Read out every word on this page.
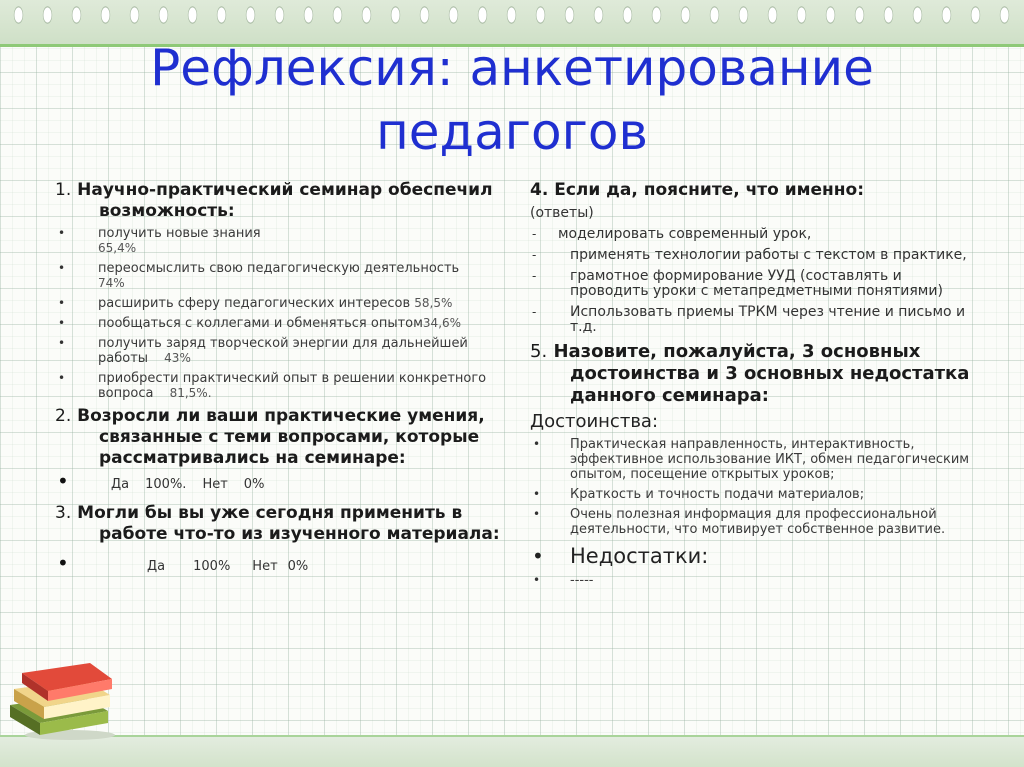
Рефлексия: анкетирование педагогов
1. Научно-практический семинар обеспечил возможность:
•	получить новые знания
65,4%
•	переосмыслить свою педагогическую деятельность
74%
•	расширить сферу педагогических интересов 58,5%
•	пообщаться с коллегами и обменяться опытом34,6%
•	получить заряд творческой энергии для дальнейшей работы 43%
•	приобрести практический опыт в решении конкретного вопроса 81,5%.
2. Возросли ли ваши практические умения, связанные с теми вопросами, которые рассматривались на семинаре:
•	Да 100%. Нет 0%
3. Могли бы вы уже сегодня применить в работе что-то из изученного материала:
•	Да 100% Нет 0%
4. Если да, поясните, что именно:
(ответы)
- моделировать современный урок,
- применять технологии работы с текстом в практике,
- грамотное формирование УУД (составлять и проводить уроки с метапредметными понятиями)
- Использовать приемы ТРКМ через чтение и письмо и т.д.
5. Назовите, пожалуйста, 3 основных достоинства и 3 основных недостатка данного семинара:
Достоинства:
• Практическая направленность, интерактивность, эффективное использование ИКТ, обмен педагогическим опытом, посещение открытых уроков;
• Краткость и точность подачи материалов;
• Очень полезная информация для профессиональной деятельности, что мотивирует собственное развитие.
• Недостатки:
• -----
